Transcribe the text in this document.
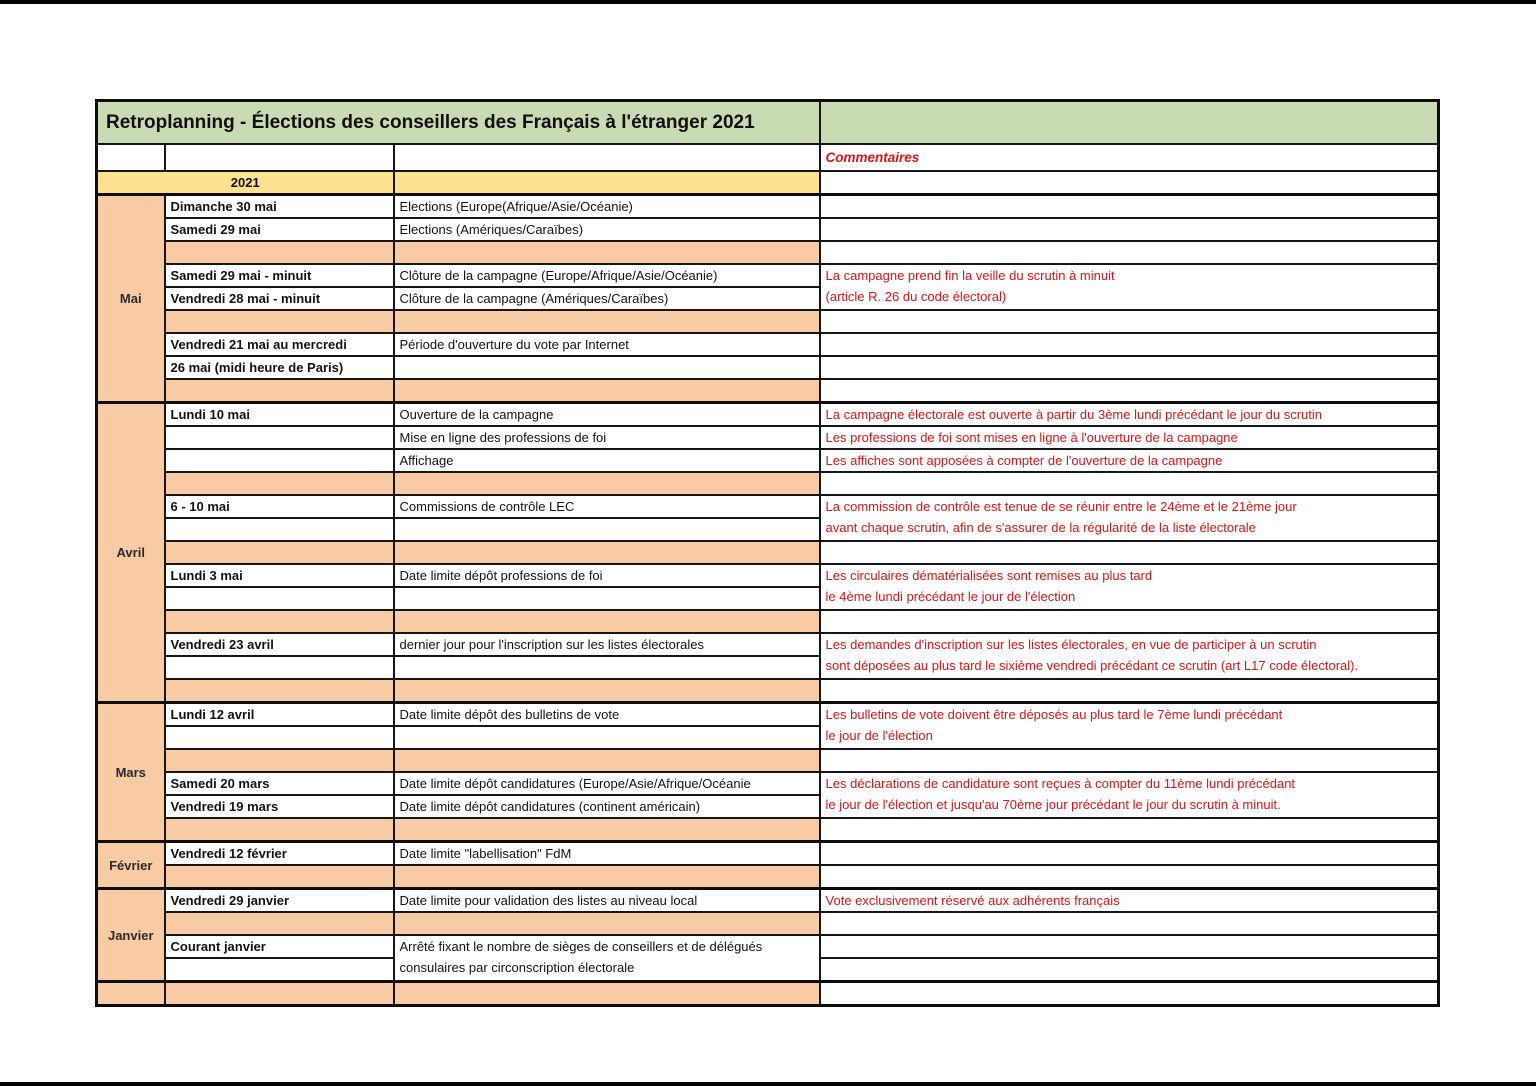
Retroplanning - Élections des conseillers des Français à l'étranger 2021			
			Commentaires
2021			
Mai	Dimanche 30 mai	Elections (Europe(Afrique/Asie/Océanie)	
	Samedi 29 mai	Elections (Amériques/Caraïbes)	

	Samedi 29 mai - minuit	Clôture de la campagne (Europe/Afrique/Asie/Océanie)	La campagne prend fin la veille du scrutin à minuit
(article R. 26 du code électoral)

	Vendredi 28 mai - minuit	Clôture de la campagne (Amériques/Caraïbes)	

	Vendredi 21 mai au mercredi	Période d'ouverture du vote par Internet	
	26 mai (midi heure de Paris)		

Avril	Lundi 10 mai	Ouverture de la campagne	La campagne électorale est ouverte à partir du 3ème lundi précédant le jour du scrutin
		Mise en ligne des professions de foi	Les professions de foi sont mises en ligne à l'ouverture de la campagne
		Affichage	Les affiches sont apposées à compter de l'ouverture de la campagne

	6 - 10 mai	Commissions de contrôle LEC	La commission de contrôle est tenue de se réunir entre le 24ème et le 21ème jour
avant chaque scrutin, afin de s'assurer de la régularité de la liste électorale

	Lundi 3 mai	Date limite dépôt professions de foi	Les circulaires dématérialisées sont remises au plus tard
le 4ème lundi précédant le jour de l'élection

	Vendredi 23 avril	dernier jour pour l'inscription sur les listes électorales	Les demandes d'inscription sur les listes électorales, en vue de participer à un scrutin
sont déposées au plus tard le sixième vendredi précédant ce scrutin (art L17 code électoral).

Mars	Lundi 12 avril	Date limite dépôt des bulletins de vote	Les bulletins de vote doivent être déposés au plus tard le 7ème lundi précédant
le jour de l'élection

	Samedi 20 mars	Date limite dépôt candidatures (Europe/Asie/Afrique/Océanie	Les déclarations de candidature sont reçues à compter du 11ème lundi précédant
le jour de l'élection et jusqu'au 70ème jour précédant le jour du scrutin à minuit.

	Vendredi 19 mars	Date limite dépôt candidatures (continent américain)	

Février	Vendredi 12 février	Date limite "labellisation" FdM	

Janvier	Vendredi 29 janvier	Date limite pour validation des listes au niveau local	Vote exclusivement réservé aux adhérents français

	Courant janvier	Arrêté fixant le nombre de sièges de conseillers et de délégués
consulaires par circonscription électorale	
